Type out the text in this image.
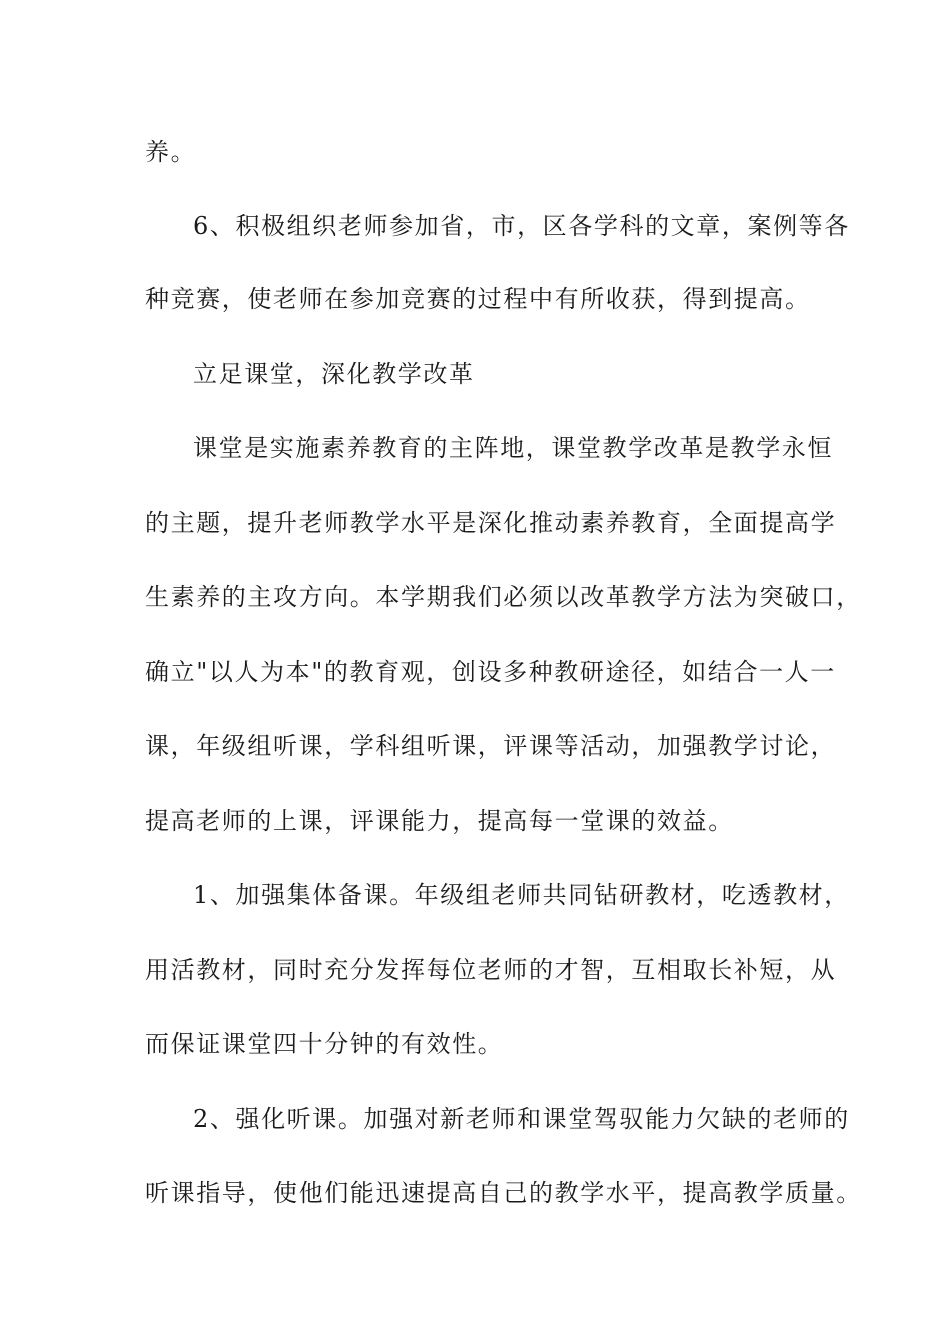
养。
6、积极组织老师参加省，市，区各学科的文章，案例等各
种竞赛，使老师在参加竞赛的过程中有所收获，得到提高。
立足课堂，深化教学改革
课堂是实施素养教育的主阵地，课堂教学改革是教学永恒
的主题，提升老师教学水平是深化推动素养教育，全面提高学
生素养的主攻方向。本学期我们必须以改革教学方法为突破口，
确立"以人为本"的教育观，创设多种教研途径，如结合一人一
课，年级组听课，学科组听课，评课等活动，加强教学讨论，
提高老师的上课，评课能力，提高每一堂课的效益。
1、加强集体备课。年级组老师共同钻研教材，吃透教材，
用活教材，同时充分发挥每位老师的才智，互相取长补短，从
而保证课堂四十分钟的有效性。
2、强化听课。加强对新老师和课堂驾驭能力欠缺的老师的
听课指导，使他们能迅速提高自己的教学水平，提高教学质量。
